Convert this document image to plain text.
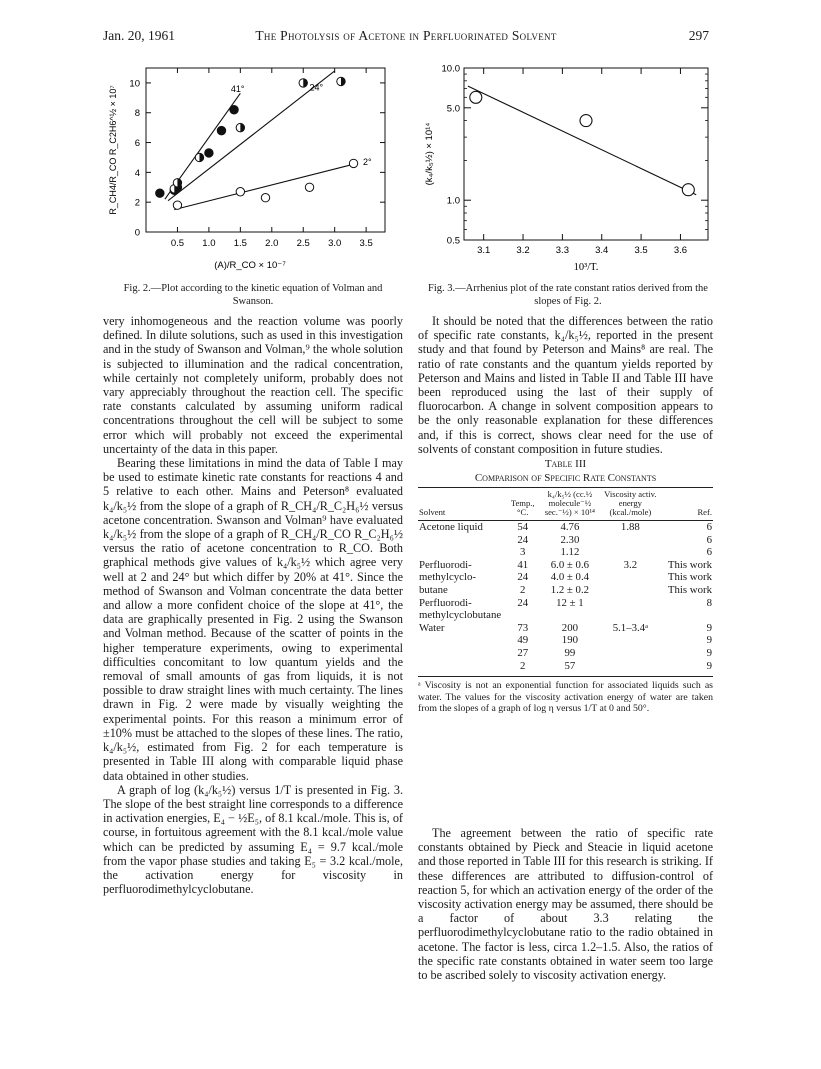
Jan. 20, 1961	The Photolysis of Acetone in Perfluorinated Solvent	297
0.5 1.0 1.5 2.0 2.5 3.0 3.5
0
2
4
6
8
10	41°	24°
2°
(A)/R_CO × 10⁻⁷
R_CH4/R_CO R_C2H6^½ × 10⁷
Fig. 2.—Plot according to the kinetic equation of Volman and Swanson.
3.1	3.2	3.3	3.4	3.5	3.6
0.5
1.0
5.0
10.0
10³/T.
(k₄/k₅½) × 10¹⁴
Fig. 3.—Arrhenius plot of the rate constant ratios derived from the slopes of Fig. 2.

very inhomogeneous and the reaction volume was poorly defined. In dilute solutions, such as used in this investigation and in the study of Swanson and Volman,⁹ the whole solution is subjected to illumination and the radical concentration, while certainly not completely uniform, probably does not vary appreciably throughout the reaction cell. The specific rate constants calculated by assuming uniform radical concentrations throughout the cell will be subject to some error which will probably not exceed the experimental uncertainty of the data in this paper.

Bearing these limitations in mind the data of Table I may be used to estimate kinetic rate constants for reactions 4 and 5 relative to each other. Mains and Peterson⁸ evaluated k₄/k₅½ from the slope of a graph of R_CH₄/R_C₂H₆½ versus acetone concentration. Swanson and Volman⁹ have evaluated k₄/k₅½ from the slope of a graph of R_CH₄/R_CO R_C₂H₆½ versus the ratio of acetone concentration to R_CO. Both graphical methods give values of k₄/k₅½ which agree very well at 2 and 24° but which differ by 20% at 41°. Since the method of Swanson and Volman concentrate the data better and allow a more confident choice of the slope at 41°, the data are graphically presented in Fig. 2 using the Swanson and Volman method. Because of the scatter of points in the higher temperature experiments, owing to experimental difficulties concomitant to low quantum yields and the removal of small amounts of gas from liquids, it is not possible to draw straight lines with much certainty. The lines drawn in Fig. 2 were made by visually weighting the experimental points. For this reason a minimum error of ±10% must be attached to the slopes of these lines. The ratio, k₄/k₅½, estimated from Fig. 2 for each temperature is presented in Table III along with comparable liquid phase data obtained in other studies.

A graph of log (k₄/k₅½) versus 1/T is presented in Fig. 3. The slope of the best straight line corresponds to a difference in activation energies, E₄ − ½E₅, of 8.1 kcal./mole. This is, of course, in fortuitous agreement with the 8.1 kcal./mole value which can be predicted by assuming E₄ = 9.7 kcal./mole from the vapor phase studies and taking E₅ = 3.2 kcal./mole, the activation energy for viscosity in perfluorodimethylcyclobutane.

It should be noted that the differences between the ratio of specific rate constants, k₄/k₅½, reported in the present study and that found by Peterson and Mains⁸ are real. The ratio of rate constants and the quantum yields reported by Peterson and Mains and listed in Table II and Table III have been reproduced using the last of their supply of fluorocarbon. A change in solvent composition appears to be the only reasonable explanation for these differences and, if this is correct, shows clear need for the use of solvents of constant composition in future studies.

Table III
Comparison of Specific Rate Constants
Solvent	Temp., °C.	k₄/k₅½ (cc.½ molecule⁻½ sec.⁻½) × 10¹⁴	Viscosity activ. energy (kcal./mole)	Ref.
Acetone liquid	54	4.76	1.88	6
	24	2.30		6
	3	1.12		6
Perfluorodi-	41	6.0 ± 0.6	3.2	This work
methylcyclo-	24	4.0 ± 0.4		This work
butane	2	1.2 ± 0.2		This work
Perfluorodi-	24	12 ± 1		8
methylcyclobutane				
Water	73	200	5.1–3.4ᵃ	9
	49	190		9
	27	99		9
	2	57		9
ᵃ Viscosity is not an exponential function for associated liquids such as water. The values for the viscosity activation energy of water are taken from the slopes of a graph of log η versus 1/T at 0 and 50°.

The agreement between the ratio of specific rate constants obtained by Pieck and Steacie in liquid acetone and those reported in Table III for this research is striking. If these differences are attributed to diffusion-control of reaction 5, for which an activation energy of the order of the viscosity activation energy may be assumed, there should be a factor of about 3.3 relating the perfluorodimethylcyclobutane ratio to the radio obtained in acetone. The factor is less, circa 1.2–1.5. Also, the ratios of the specific rate constants obtained in water seem too large to be ascribed solely to viscosity activation energy.
